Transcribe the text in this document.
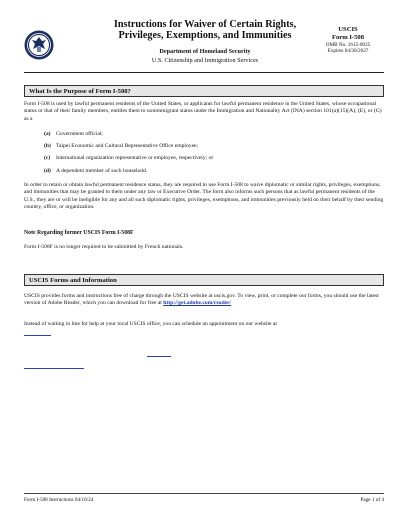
Instructions for Waiver of Certain Rights,
Privileges, Exemptions, and Immunities
Department of Homeland Security
U.S. Citizenship and Immigration Services
USCIS
Form I-508
OMB No. 1615-0025
Expires 04/30/2027
What Is the Purpose of Form I-508?
Form I-508 is used by lawful permanent residents of the United States, or applicants for lawful permanent residence in the United States, whose occupational status or that of their family members, entitles them to nonimmigrant status under the Immigration and Nationality Act (INA) section 101(a)(15)(A), (E), or (G) as a
(a) Government official;
(b) Taipei Economic and Cultural Representative Office employee;
(c) International organization representative or employee, respectively; or
(d) A dependent member of such household.
In order to retain or obtain lawful permanent residence status, they are required to use Form I-508 to waive diplomatic or similar rights, privileges, exemptions, and immunities that may be granted to them under any law or Executive Order. The form also informs such persons that as lawful permanent residents of the U.S., they are or will be ineligible for any and all such diplomatic rights, privileges, exemptions, and immunities previously held on their behalf by their sending country, office, or organization.
Note Regarding former USCIS Form I-508F
Form I-508F is no longer required to be submitted by French nationals.
USCIS Forms and Information
USCIS provides forms and instructions free of charge through the USCIS website at uscis.gov. To view, print, or complete our forms, you should use the latest version of Adobe Reader, which you can download for free at http://get.adobe.com/reader/
Instead of waiting in line for help at your local USCIS office, you can schedule an appointment on our website at
Form I-508 Instructions 04/16/24	Page 1 of 4
